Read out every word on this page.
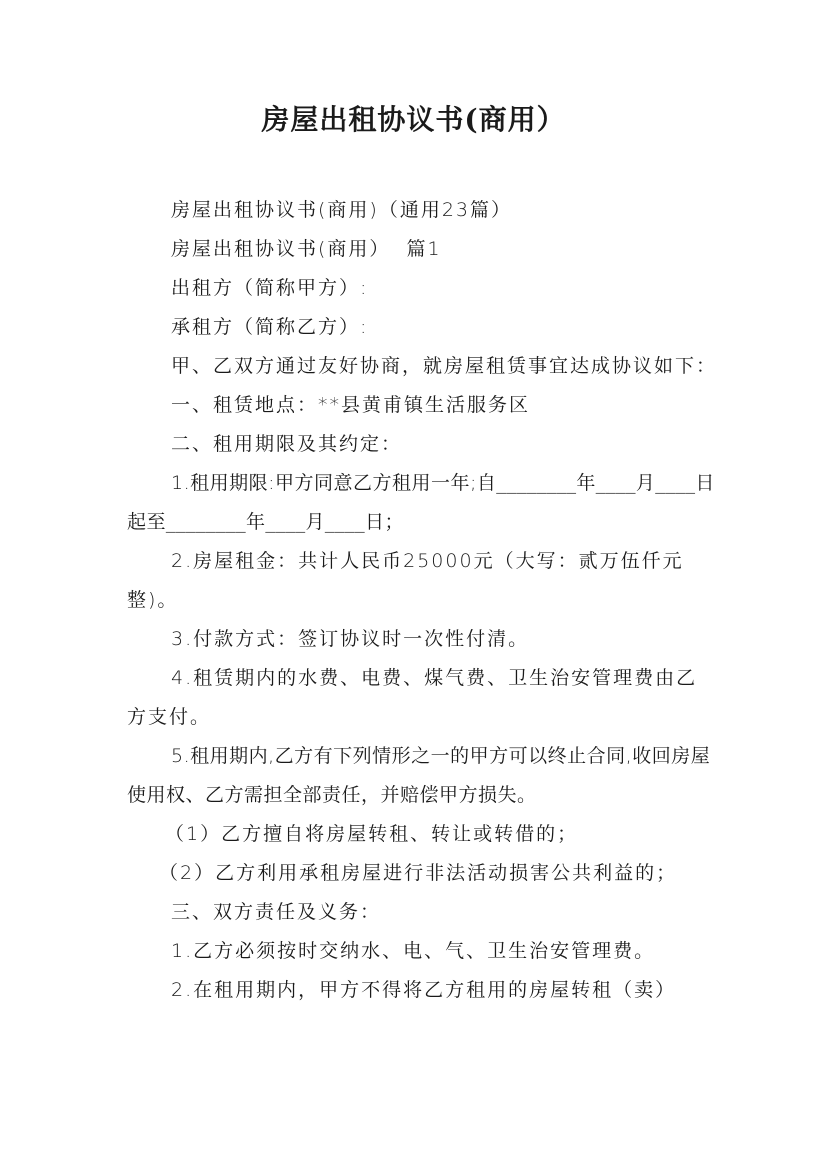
房屋出租协议书(商用）

房屋出租协议书(商用)（通用23篇）

房屋出租协议书(商用）  篇1

出租方（简称甲方）:

承租方（简称乙方）:

甲、乙双方通过友好协商，就房屋租赁事宜达成协议如下：

一、租赁地点：**县黄甫镇生活服务区

二、租用期限及其约定：

1.租用期限:甲方同意乙方租用一年;自________年____月____日起至________年____月____日；

2.房屋租金：共计人民币25000元（大写：贰万伍仟元整)。

3.付款方式：签订协议时一次性付清。

4.租赁期内的水费、电费、煤气费、卫生治安管理费由乙方支付。

5.租用期内,乙方有下列情形之一的甲方可以终止合同,收回房屋使用权、乙方需担全部责任，并赔偿甲方损失。

（1）乙方擅自将房屋转租、转让或转借的；

（2）乙方利用承租房屋进行非法活动损害公共利益的；

三、双方责任及义务：

1.乙方必须按时交纳水、电、气、卫生治安管理费。

2.在租用期内，甲方不得将乙方租用的房屋转租（卖）
